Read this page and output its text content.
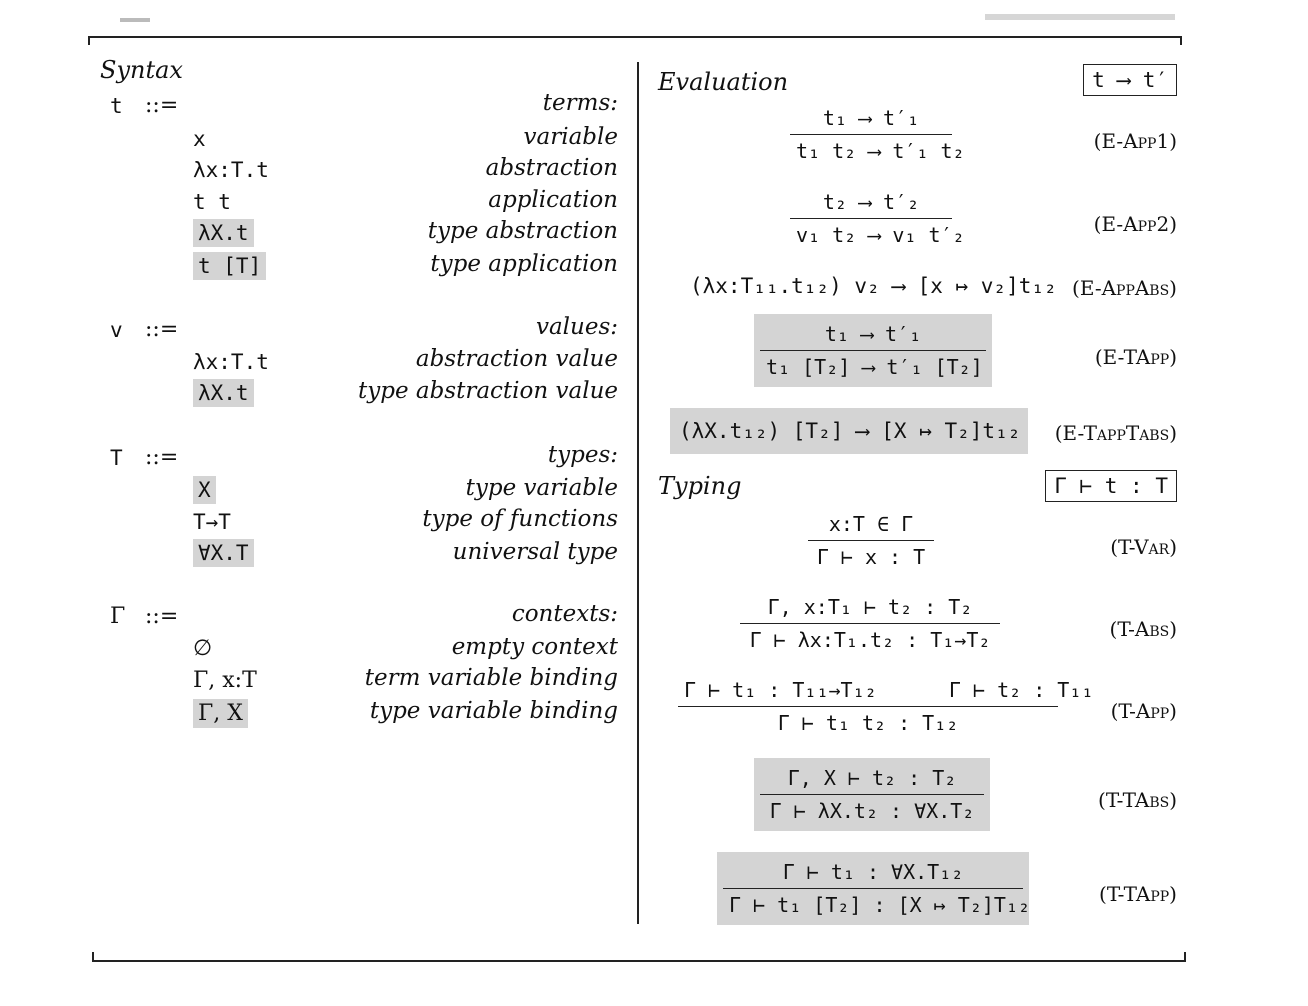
Syntax
t ::=	terms:
x	variable
λx:T.t	abstraction
t t	application
λX.t	type abstraction
t [T]	type application
v ::=	values:
λx:T.t	abstraction value
λX.t	type abstraction value
T ::=	types:
X	type variable
T→T	type of functions
∀X.T	universal type
Γ ::=	contexts:
∅	empty context
Γ, x:T	term variable binding
Γ, X	type variable binding
Evaluation	t ⟶ t′
t₁ ⟶ t′₁
t₁ t₂ ⟶ t′₁ t₂	(E-App1)
t₂ ⟶ t′₂
v₁ t₂ ⟶ v₁ t′₂	(E-App2)
(λx:T₁₁.t₁₂) v₂ ⟶ [x ↦ v₂]t₁₂ (E-AppAbs)
t₁ ⟶ t′₁
t₁ [T₂] ⟶ t′₁ [T₂]	(E-TApp)
(λX.t₁₂) [T₂] ⟶ [X ↦ T₂]t₁₂	(E-TappTabs)
Typing	Γ ⊢ t : T
x:T ∈ Γ
Γ ⊢ x : T	(T-Var)
Γ, x:T₁ ⊢ t₂ : T₂
Γ ⊢ λx:T₁.t₂ : T₁→T₂	(T-Abs)
Γ ⊢ t₁ : T₁₁→T₁₂      Γ ⊢ t₂ : T₁₁
Γ ⊢ t₁ t₂ : T₁₂	(T-App)
Γ, X ⊢ t₂ : T₂
Γ ⊢ λX.t₂ : ∀X.T₂	(T-TAbs)
Γ ⊢ t₁ : ∀X.T₁₂
Γ ⊢ t₁ [T₂] : [X ↦ T₂]T₁₂	(T-TApp)
